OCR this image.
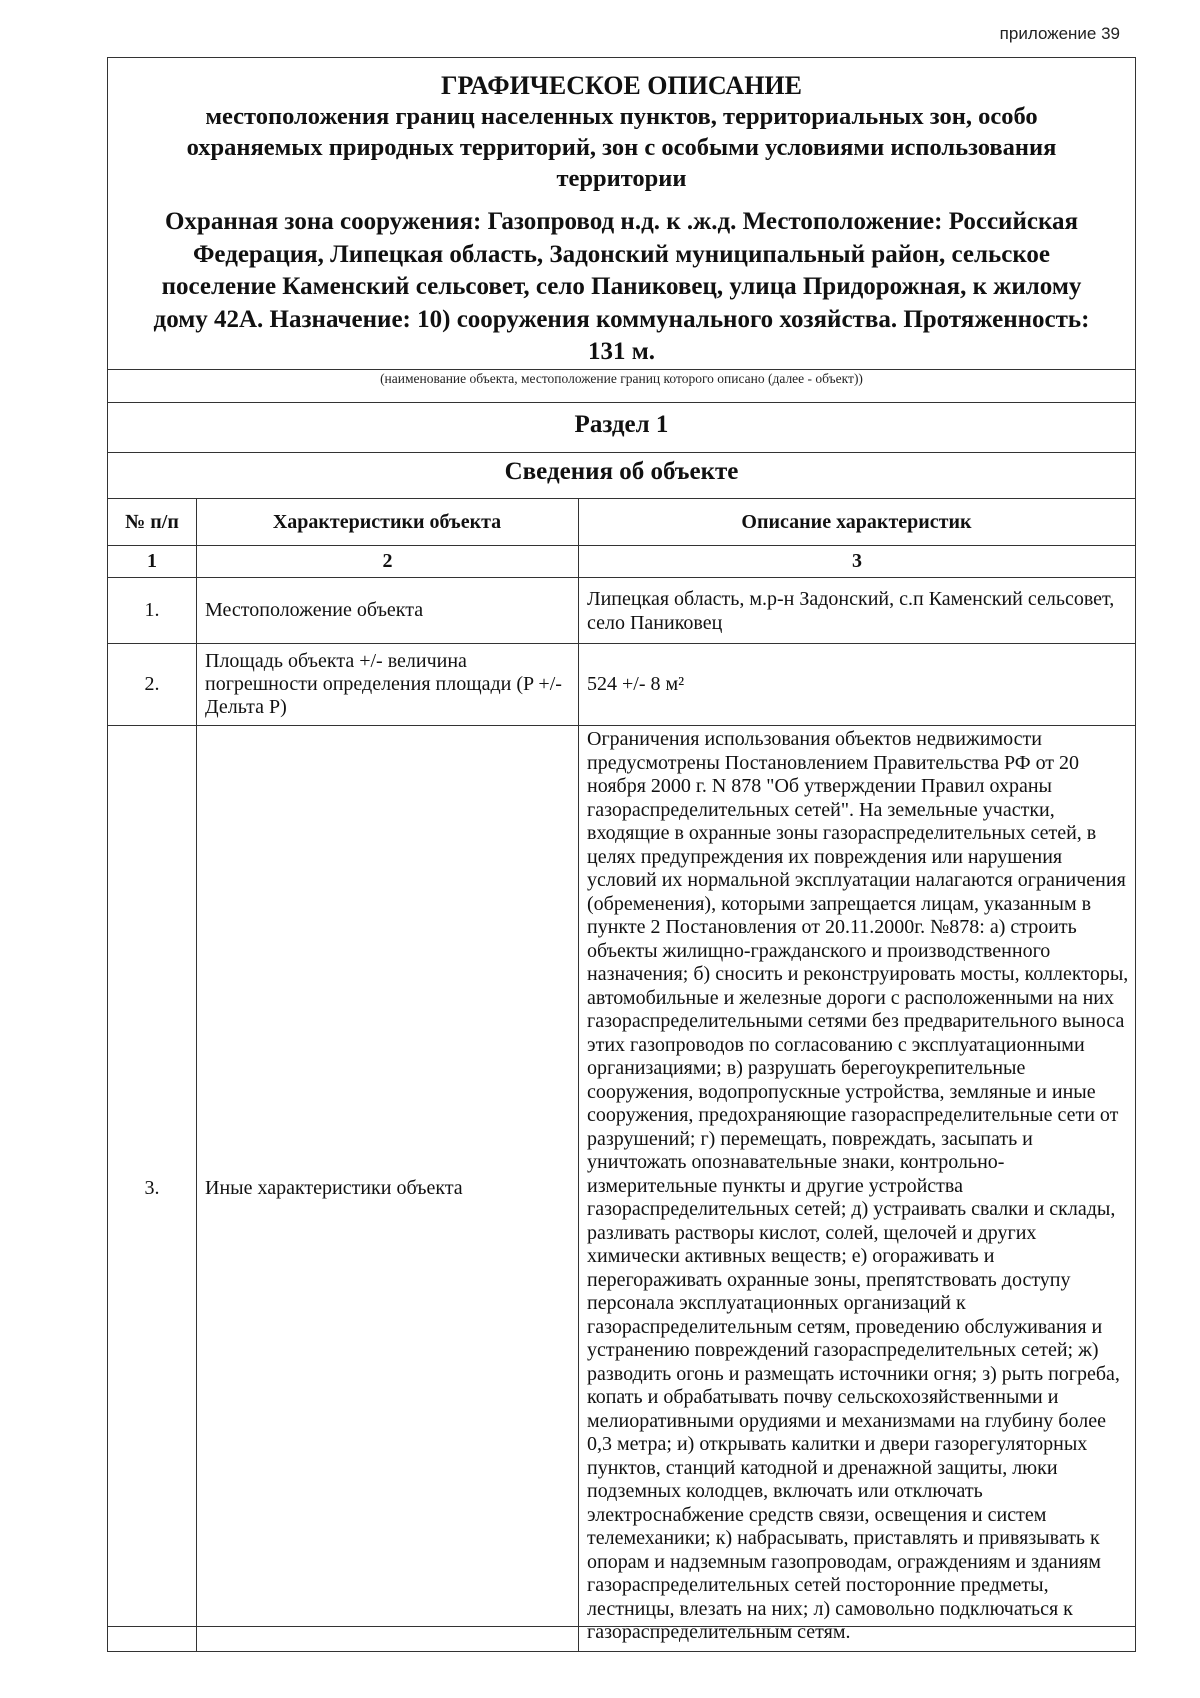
приложение 39
ГРАФИЧЕСКОЕ ОПИСАНИЕ
местоположения границ населенных пунктов, территориальных зон, особо охраняемых природных территорий, зон с особыми условиями использования территории
Охранная зона сооружения: Газопровод н.д. к .ж.д. Местоположение: Российская Федерация, Липецкая область, Задонский муниципальный район, сельское поселение Каменский сельсовет, село Паниковец, улица Придорожная, к жилому дому 42А. Назначение: 10) сооружения коммунального хозяйства. Протяженность: 131 м.
(наименование объекта, местоположение границ которого описано (далее - объект))
Раздел 1
Сведения об объекте
№ п/п	Характеристики объекта	Описание характеристик
1	2	3
1.	Местоположение объекта	Липецкая область, м.р-н Задонский, с.п Каменский сельсовет, село Паниковец
2.	Площадь объекта +/- величина погрешности определения площади (P +/- Дельта P)	524 +/- 8 м²
3.	Иные характеристики объекта	Ограничения использования объектов недвижимости предусмотрены Постановлением Правительства РФ от 20 ноября 2000 г. N 878 "Об утверждении Правил охраны газораспределительных сетей". На земельные участки, входящие в охранные зоны газораспределительных сетей, в целях предупреждения их повреждения или нарушения условий их нормальной эксплуатации налагаются ограничения (обременения), которыми запрещается лицам, указанным в пункте 2 Постановления от 20.11.2000г. №878: а) строить объекты жилищно-гражданского и производственного назначения; б) сносить и реконструировать мосты, коллекторы, автомобильные и железные дороги с расположенными на них газораспределительными сетями без предварительного выноса этих газопроводов по согласованию с эксплуатационными организациями; в) разрушать берегоукрепительные сооружения, водопропускные устройства, земляные и иные сооружения, предохраняющие газораспределительные сети от разрушений; г) перемещать, повреждать, засыпать и уничтожать опознавательные знаки, контрольно-измерительные пункты и другие устройства газораспределительных сетей; д) устраивать свалки и склады, разливать растворы кислот, солей, щелочей и других химически активных веществ; е) огораживать и перегораживать охранные зоны, препятствовать доступу персонала эксплуатационных организаций к газораспределительным сетям, проведению обслуживания и устранению повреждений газораспределительных сетей; ж) разводить огонь и размещать источники огня; з) рыть погреба, копать и обрабатывать почву сельскохозяйственными и мелиоративными орудиями и механизмами на глубину более 0,3 метра; и) открывать калитки и двери газорегуляторных пунктов, станций катодной и дренажной защиты, люки подземных колодцев, включать или отключать электроснабжение средств связи, освещения и систем телемеханики; к) набрасывать, приставлять и привязывать к опорам и надземным газопроводам, ограждениям и зданиям газораспределительных сетей посторонние предметы, лестницы, влезать на них; л) самовольно подключаться к газораспределительным сетям.
